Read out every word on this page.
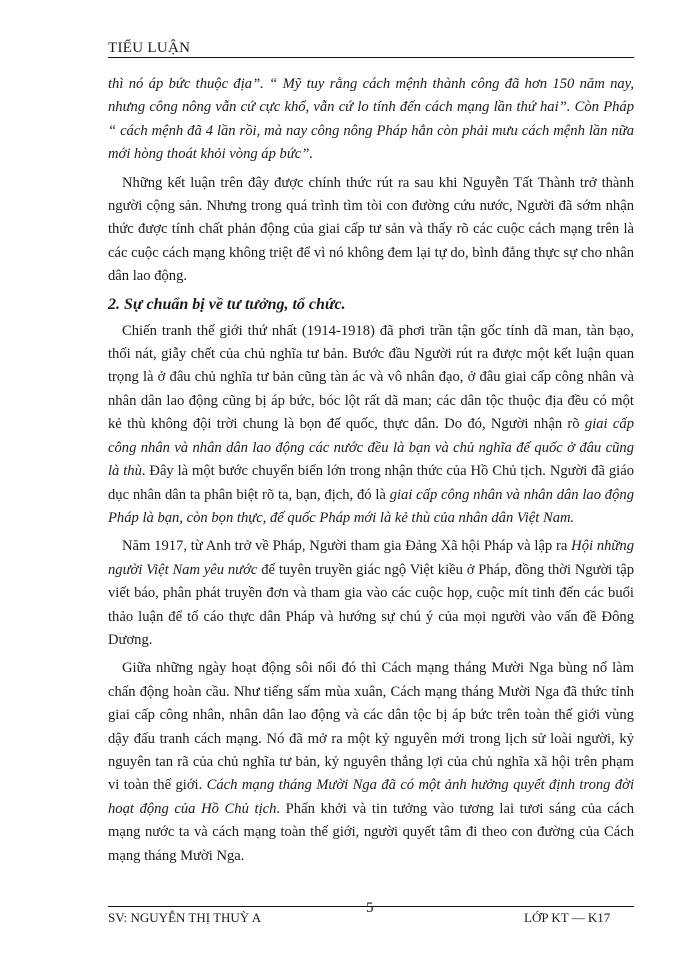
TIỂU LUẬN

thì nó áp bức thuộc địa”. “ Mỹ tuy rằng cách mệnh thành công đã hơn 150 năm nay, nhưng công nông vẫn cứ cực khổ, vẫn cứ lo tính đến cách mạng lần thứ hai”. Còn Pháp “ cách mệnh đã 4 lần rồi, mà nay công nông Pháp hẳn còn phải mưu cách mệnh lần nữa mới hòng thoát khỏi vòng áp bức”.

Những kết luận trên đây được chính thức rút ra sau khi Nguyễn Tất Thành trở thành người cộng sản. Nhưng trong quá trình tìm tòi con đường cứu nước, Người đã sớm nhận thức được tính chất phản động của giai cấp tư sản và thấy rõ các cuộc cách mạng trên là các cuộc cách mạng không triệt để vì nó không đem lại tự do, bình đẳng thực sự cho nhân dân lao động.

2. Sự chuẩn bị về tư tưởng, tổ chức.

Chiến tranh thế giới thứ nhất (1914-1918) đã phơi trần tận gốc tính dã man, tàn bạo, thối nát, giẫy chết của chủ nghĩa tư bản. Bước đầu Người rút ra được một kết luận quan trọng là ở đâu chủ nghĩa tư bản cũng tàn ác và vô nhân đạo, ở đâu giai cấp công nhân và nhân dân lao động cũng bị áp bức, bóc lột rất dã man; các dân tộc thuộc địa đều có một kẻ thù không đội trời chung là bọn đế quốc, thực dân. Do đó, Người nhận rõ giai cấp công nhân và nhân dân lao động các nước đều là bạn và chủ nghĩa đế quốc ở đâu cũng là thù. Đây là một bước chuyển biến lớn trong nhận thức của Hồ Chủ tịch. Người đã giáo dục nhân dân ta phân biệt rõ ta, bạn, địch, đó là giai cấp công nhân và nhân dân lao động Pháp là bạn, còn bọn thực, đế quốc Pháp mới là kẻ thù của nhân dân Việt Nam.

Năm 1917, từ Anh trở về Pháp, Người tham gia Đảng Xã hội Pháp và lập ra Hội những người Việt Nam yêu nước để tuyên truyền giác ngộ Việt kiều ở Pháp, đồng thời Người tập viết báo, phân phát truyền đơn và tham gia vào các cuộc họp, cuộc mít tinh đến các buổi thảo luận để tố cáo thực dân Pháp và hướng sự chú ý của mọi người vào vấn đề Đông Dương.

Giữa những ngày hoạt động sôi nổi đó thì Cách mạng tháng Mười Nga bùng nổ làm chấn động hoàn cầu. Như tiếng sấm mùa xuân, Cách mạng tháng Mười Nga đã thức tỉnh giai cấp công nhân, nhân dân lao động và các dân tộc bị áp bức trên toàn thế giới vùng dậy đấu tranh cách mạng. Nó đã mở ra một kỷ nguyên mới trong lịch sử loài người, kỷ nguyên tan rã của chủ nghĩa tư bản, kỷ nguyên thắng lợi của chủ nghĩa xã hội trên phạm vi toàn thế giới. Cách mạng tháng Mười Nga đã có một ảnh hưởng quyết định trong đời hoạt động của Hồ Chủ tịch. Phấn khởi và tin tưởng vào tương lai tươi sáng của cách mạng nước ta và cách mạng toàn thế giới, người quyết tâm đi theo con đường của Cách mạng tháng Mười Nga.

SV: NGUYỄN THỊ THUỲ A
5
LỚP KT — K17
